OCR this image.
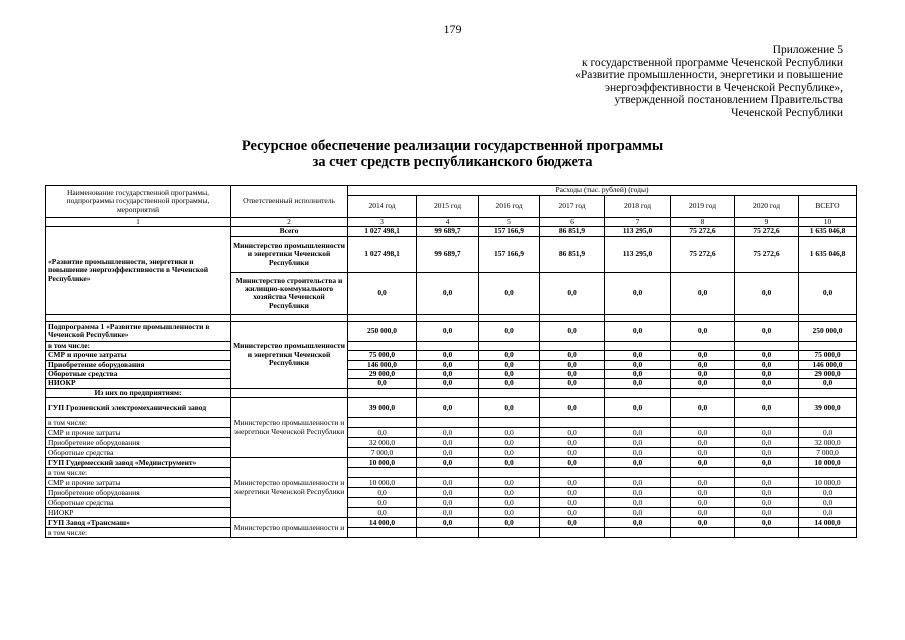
179
Приложение 5
к государственной программе Чеченской Республики
«Развитие промышленности, энергетики и повышение
энергоэффективности в Чеченской Республике»,
утвержденной постановлением Правительства
Чеченской Республики
Ресурсное обеспечение реализации государственной программы
за счет средств республиканского бюджета
Наименование государственной программы, подпрограммы государственной программы, мероприятий	Ответственный исполнитель	Расходы (тыс. рублей) (годы)							
		2014 год	2015 год	2016 год	2017 год	2018 год	2019 год	2020 год	ВСЕГО
1	2	3	4	5	6	7	8	9	10
«Развитие промышленности, энергетики и повышение энергоэффективности в Чеченской Республике»	Всего	1 027 498,1	99 689,7	157 166,9	86 851,9	113 295,0	75 272,6	75 272,6	1 635 046,8
	Министерство промышленности и энергетики Чеченской Республики	1 027 498,1	99 689,7	157 166,9	86 851,9	113 295,0	75 272,6	75 272,6	1 635 046,8
	Министерство строительства и жилищно-коммунального хозяйства Чеченской Республики	0,0	0,0	0,0	0,0	0,0	0,0	0,0	0,0

Подпрограмма 1 «Развитие промышленности в Чеченской Республике»	Министерство промышленности и энергетики Чеченской Республики	250 000,0	0,0	0,0	0,0	0,0	0,0	0,0	250 000,0
в том числе:									
СМР и прочие затраты		75 000,0	0,0	0,0	0,0	0,0	0,0	0,0	75 000,0
Приобретение оборудования		146 000,0	0,0	0,0	0,0	0,0	0,0	0,0	146 000,0
Оборотные средства		29 000,0	0,0	0,0	0,0	0,0	0,0	0,0	29 000,0
НИОКР		0,0	0,0	0,0	0,0	0,0	0,0	0,0	0,0
Из них по предприятиям:									
ГУП Грозненский электромеханический завод	Министерство промышленности и энергетики Чеченской Республики	39 000,0	0,0	0,0	0,0	0,0	0,0	0,0	39 000,0
в том числе:									
СМР и прочие затраты		0,0	0,0	0,0	0,0	0,0	0,0	0,0	0,0
Приобретение оборудования		32 000,0	0,0	0,0	0,0	0,0	0,0	0,0	32 000,0
Оборотные средства		7 000,0	0,0	0,0	0,0	0,0	0,0	0,0	7 000,0
ГУП Гудермесский завод «Мединструмент»	Министерство промышленности и энергетики Чеченской Республики	10 000,0	0,0	0,0	0,0	0,0	0,0	0,0	10 000,0
в том числе:									
СМР и прочие затраты		10 000,0	0,0	0,0	0,0	0,0	0,0	0,0	10 000,0
Приобретение оборудования		0,0	0,0	0,0	0,0	0,0	0,0	0,0	0,0
Оборотные средства		0,0	0,0	0,0	0,0	0,0	0,0	0,0	0,0
НИОКР		0,0	0,0	0,0	0,0	0,0	0,0	0,0	0,0
ГУП Завод «Трансмаш»	Министерство промышленности и	14 000,0	0,0	0,0	0,0	0,0	0,0	0,0	14 000,0
в том числе:									
